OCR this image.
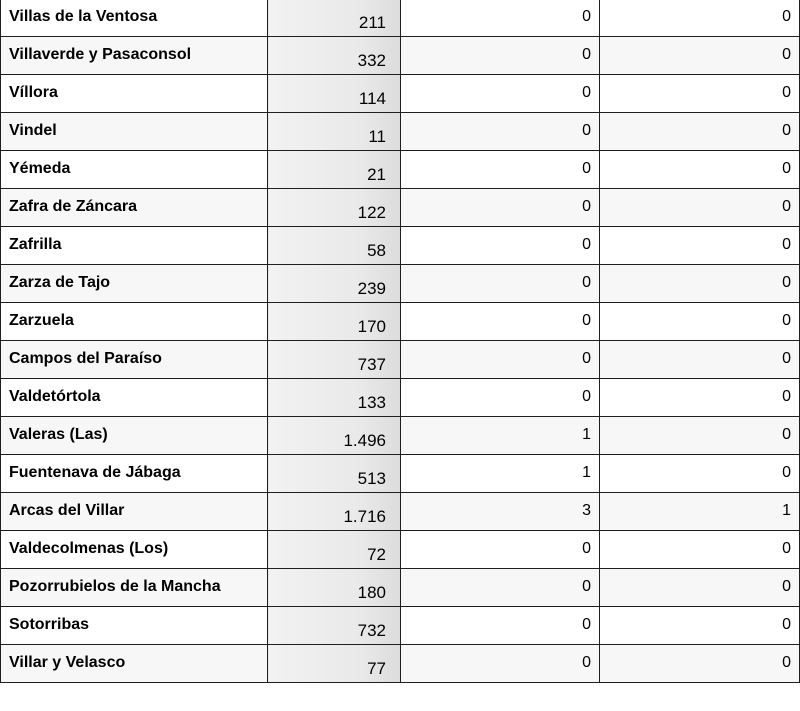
Villas de la Ventosa	211	0	0
Villaverde y Pasaconsol	332	0	0
Víllora	114	0	0
Vindel	11	0	0
Yémeda	21	0	0
Zafra de Záncara	122	0	0
Zafrilla	58	0	0
Zarza de Tajo	239	0	0
Zarzuela	170	0	0
Campos del Paraíso	737	0	0
Valdetórtola	133	0	0
Valeras (Las)	1.496	1	0
Fuentenava de Jábaga	513	1	0
Arcas del Villar	1.716	3	1
Valdecolmenas (Los)	72	0	0
Pozorrubielos de la Mancha	180	0	0
Sotorribas	732	0	0
Villar y Velasco	77	0	0
